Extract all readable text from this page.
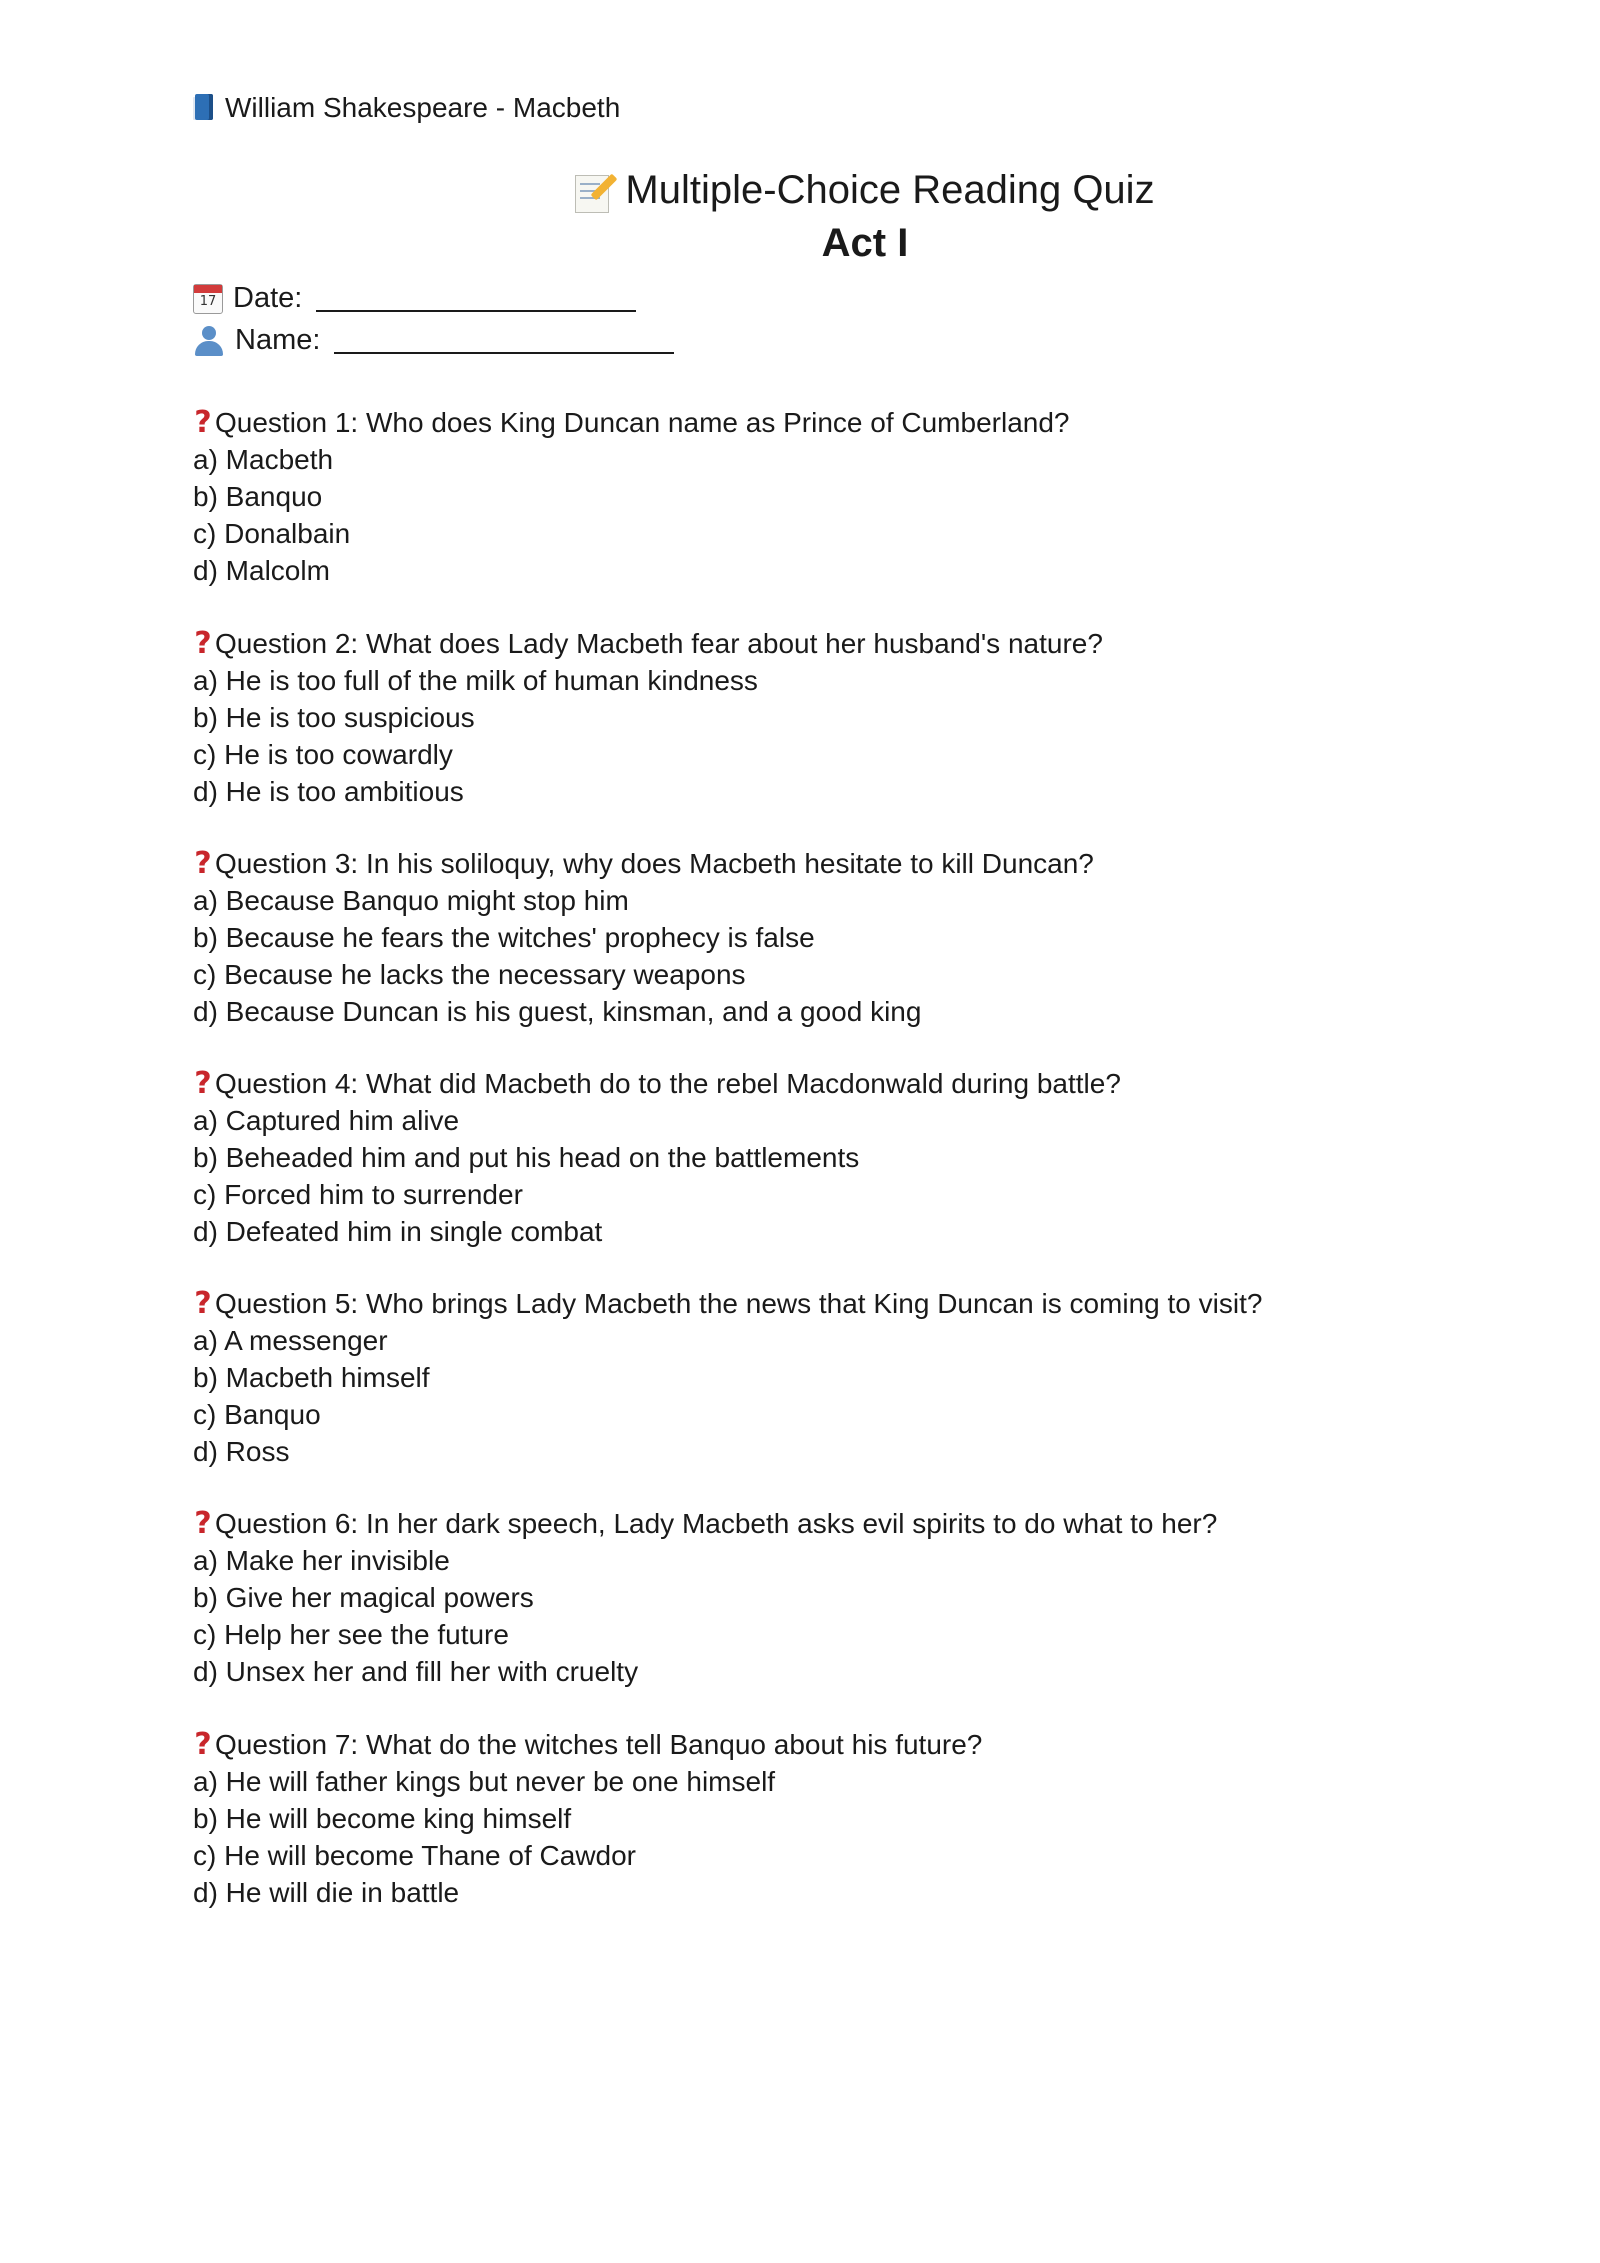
William Shakespeare - Macbeth
Multiple-Choice Reading Quiz
Act I
17 Date:
Name:
? Question 1: Who does King Duncan name as Prince of Cumberland?
a) Macbeth
b) Banquo
c) Donalbain
d) Malcolm
? Question 2: What does Lady Macbeth fear about her husband's nature?
a) He is too full of the milk of human kindness
b) He is too suspicious
c) He is too cowardly
d) He is too ambitious
? Question 3: In his soliloquy, why does Macbeth hesitate to kill Duncan?
a) Because Banquo might stop him
b) Because he fears the witches' prophecy is false
c) Because he lacks the necessary weapons
d) Because Duncan is his guest, kinsman, and a good king
? Question 4: What did Macbeth do to the rebel Macdonwald during battle?
a) Captured him alive
b) Beheaded him and put his head on the battlements
c) Forced him to surrender
d) Defeated him in single combat
? Question 5: Who brings Lady Macbeth the news that King Duncan is coming to visit?
a) A messenger
b) Macbeth himself
c) Banquo
d) Ross
? Question 6: In her dark speech, Lady Macbeth asks evil spirits to do what to her?
a) Make her invisible
b) Give her magical powers
c) Help her see the future
d) Unsex her and fill her with cruelty
? Question 7: What do the witches tell Banquo about his future?
a) He will father kings but never be one himself
b) He will become king himself
c) He will become Thane of Cawdor
d) He will die in battle
